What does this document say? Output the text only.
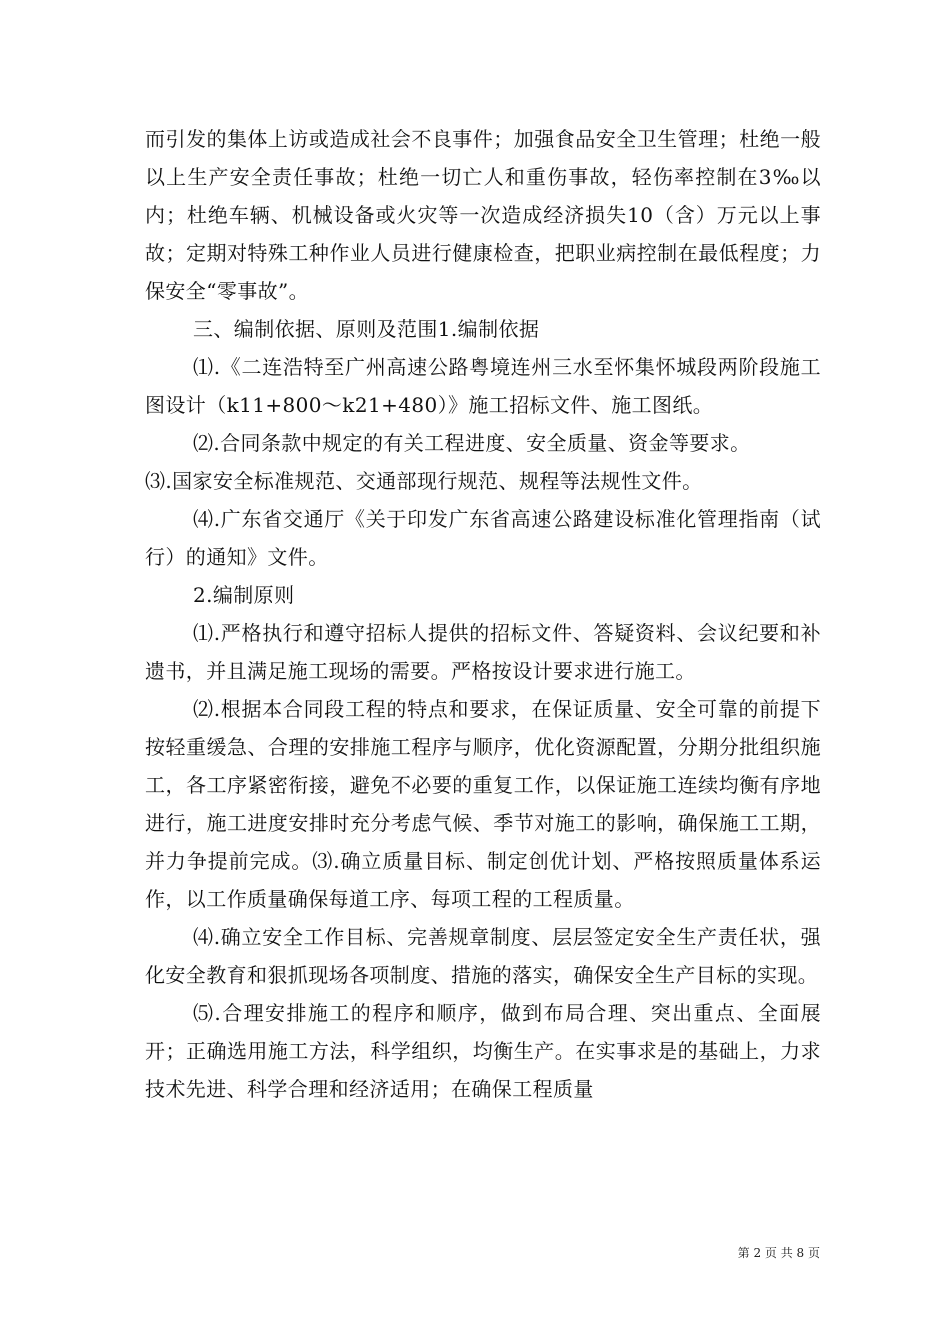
而引发的集体上访或造成社会不良事件；加强食品安全卫生管理；杜绝一般以上生产安全责任事故；杜绝一切亡人和重伤事故，轻伤率控制在3‰以内；杜绝车辆、机械设备或火灾等一次造成经济损失10（含）万元以上事故；定期对特殊工种作业人员进行健康检查，把职业病控制在最低程度；力保安全“零事故”。

三、编制依据、原则及范围1.编制依据

⑴.《二连浩特至广州高速公路粤境连州三水至怀集怀城段两阶段施工图设计（k11+800～k21+480）》施工招标文件、施工图纸。

⑵.合同条款中规定的有关工程进度、安全质量、资金等要求。

⑶.国家安全标准规范、交通部现行规范、规程等法规性文件。

⑷.广东省交通厅《关于印发广东省高速公路建设标准化管理指南（试行）的通知》文件。

2.编制原则

⑴.严格执行和遵守招标人提供的招标文件、答疑资料、会议纪要和补遗书，并且满足施工现场的需要。严格按设计要求进行施工。

⑵.根据本合同段工程的特点和要求，在保证质量、安全可靠的前提下按轻重缓急、合理的安排施工程序与顺序，优化资源配置，分期分批组织施工，各工序紧密衔接，避免不必要的重复工作，以保证施工连续均衡有序地进行，施工进度安排时充分考虑气候、季节对施工的影响，确保施工工期，并力争提前完成。⑶.确立质量目标、制定创优计划、严格按照质量体系运作，以工作质量确保每道工序、每项工程的工程质量。

⑷.确立安全工作目标、完善规章制度、层层签定安全生产责任状，强化安全教育和狠抓现场各项制度、措施的落实，确保安全生产目标的实现。

⑸.合理安排施工的程序和顺序，做到布局合理、突出重点、全面展开；正确选用施工方法，科学组织，均衡生产。在实事求是的基础上，力求技术先进、科学合理和经济适用；在确保工程质量

第 2 页 共 8 页
